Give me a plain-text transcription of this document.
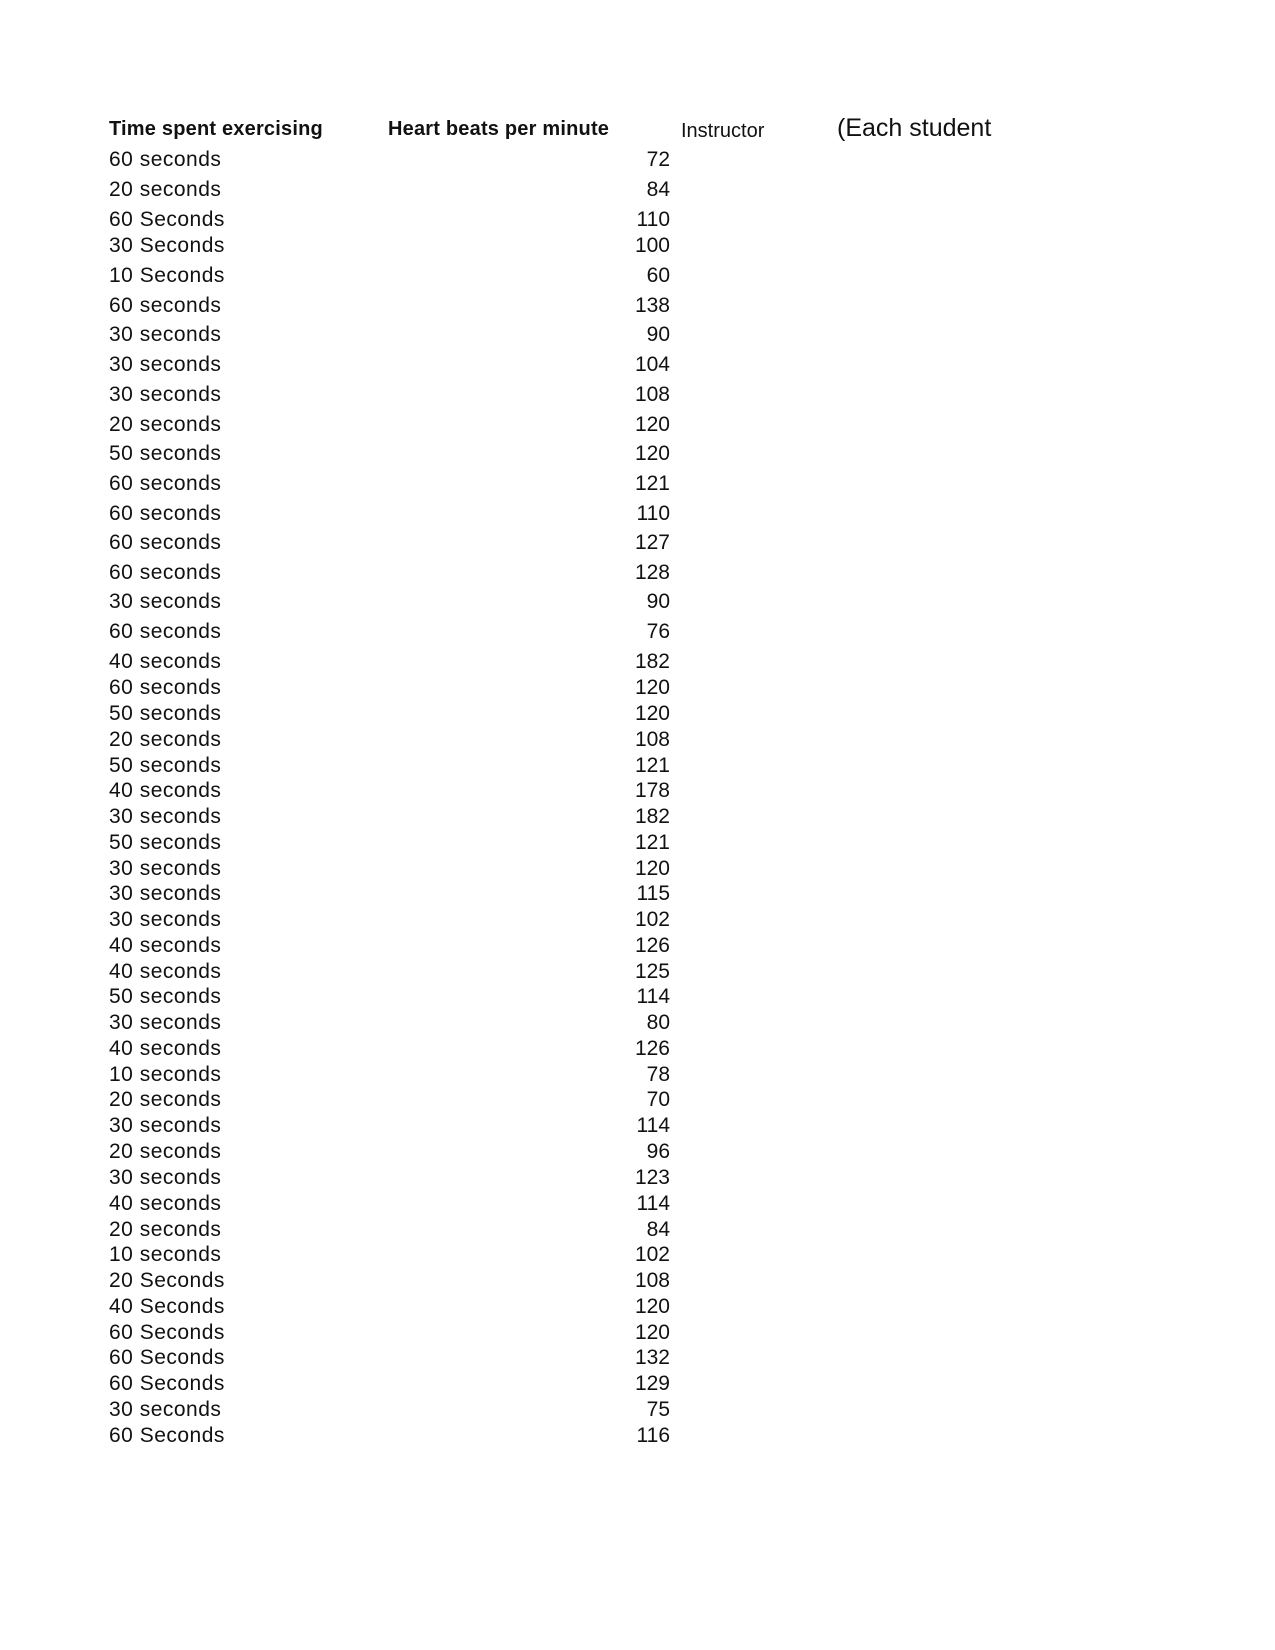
Time spent exercising	Heart beats per minute	Instructor	(Each student
60 seconds	72
20 seconds	84
60 Seconds	110
30 Seconds	100
10 Seconds	60
60 seconds	138
30 seconds	90
30 seconds	104
30 seconds	108
20 seconds	120
50 seconds	120
60 seconds	121
60 seconds	110
60 seconds	127
60 seconds	128
30 seconds	90
60 seconds	76
40 seconds	182
60 seconds	120
50 seconds	120
20 seconds	108
50 seconds	121
40 seconds	178
30 seconds	182
50 seconds	121
30 seconds	120
30 seconds	115
30 seconds	102
40 seconds	126
40 seconds	125
50 seconds	114
30 seconds	80
40 seconds	126
10 seconds	78
20 seconds	70
30 seconds	114
20 seconds	96
30 seconds	123
40 seconds	114
20 seconds	84
10 seconds	102
20 Seconds	108
40 Seconds	120
60 Seconds	120
60 Seconds	132
60 Seconds	129
30 seconds	75
60 Seconds	116
